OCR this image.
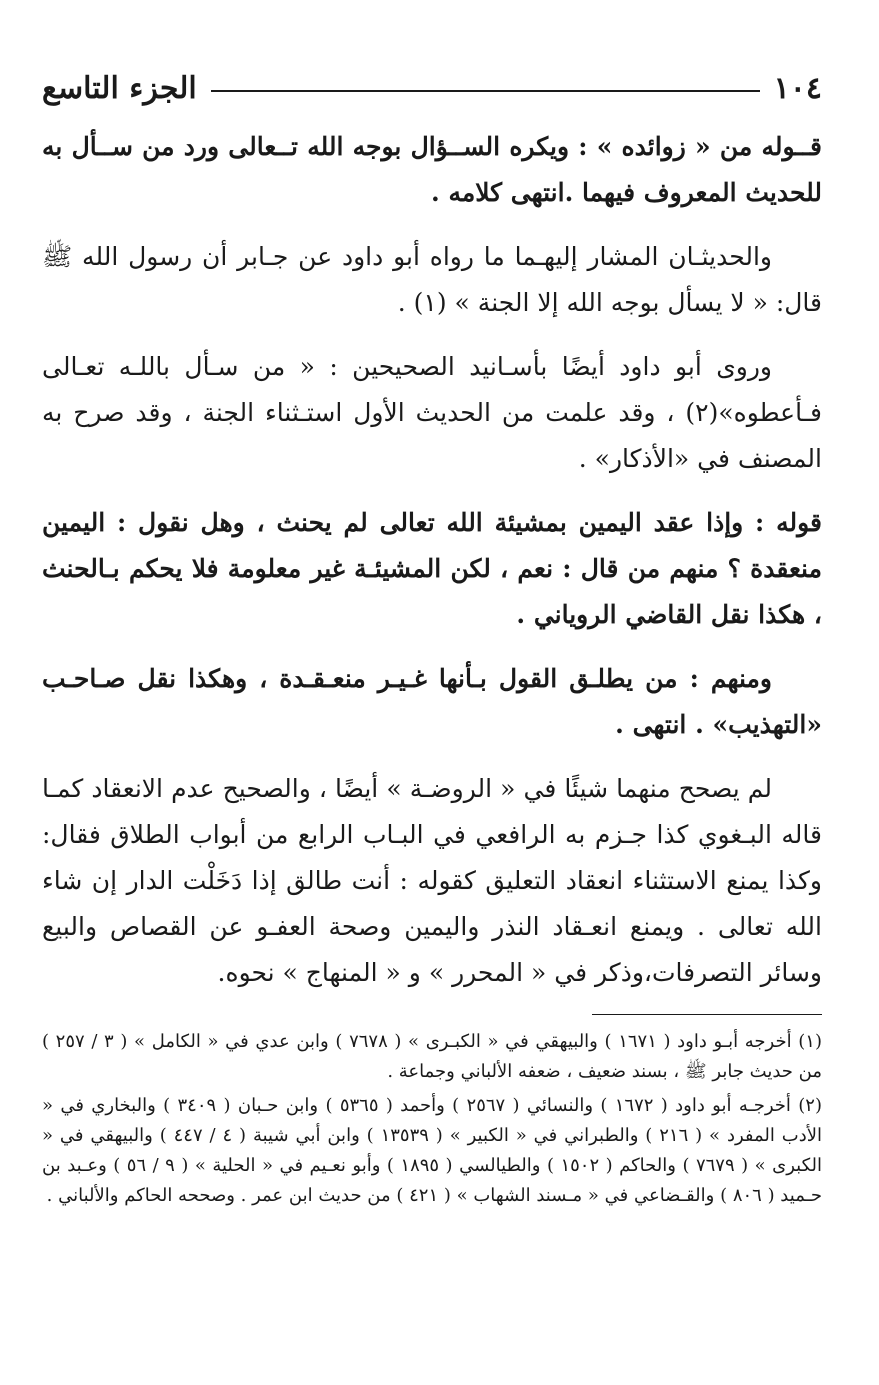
١٠٤
الجزء التاسع

قــوله من « زوائده » : ويكره الســؤال بوجه الله تــعالى ورد من ســأل به للحديث المعروف فيهما .انتهى كلامه .

والحديثـان المشار إليهـما ما رواه أبو داود عن جـابر أن رسول الله ﷺ قال: « لا يسأل بوجه الله إلا الجنة » (١) .

وروى أبو داود أيضًا بأسـانيد الصحيحين : « من سـأل باللـه تعـالى فـأعطوه»(٢) ، وقد علمت من الحديث الأول استـثناء الجنة ، وقد صرح به المصنف في «الأذكار» .

قوله : وإذا عقد اليمين بمشيئة الله تعالى لم يحنث ، وهل نقول : اليمين منعقدة ؟ منهم من قال : نعم ، لكن المشيئـة غير معلومة فلا يحكم بـالحنث ، هكذا نقل القاضي الروياني .

ومنهم : من يطلـق القول بـأنها غـيـر منعـقـدة ، وهكذا نقل صـاحـب «التهذيب» . انتهى .

لم يصحح منهما شيئًا في « الروضـة » أيضًا ، والصحيح عدم الانعقاد كمـا قاله البـغوي كذا جـزم به الرافعي في البـاب الرابع من أبواب الطلاق فقال: وكذا يمنع الاستثناء انعقاد التعليق كقوله : أنت طالق إذا دَخَلْت الدار إن شاء الله تعالى . ويمنع انعـقاد النذر واليمين وصحة العفـو عن القصاص والبيع وسائر التصرفات،وذكر في « المحرر » و « المنهاج » نحوه.

(١) أخرجه أبـو داود ( ١٦٧١ ) والبيهقي في « الكبـرى » ( ٧٦٧٨ ) وابن عدي في « الكامل » ( ٣ / ٢٥٧ ) من حديث جابر ﷺ ، بسند ضعيف ، ضعفه الألباني وجماعة .

(٢) أخرجـه أبو داود ( ١٦٧٢ ) والنسائي ( ٢٥٦٧ ) وأحمد ( ٥٣٦٥ ) وابن حـبان ( ٣٤٠٩ ) والبخاري في « الأدب المفرد » ( ٢١٦ ) والطبراني في « الكبير » ( ١٣٥٣٩ ) وابن أبي شيبة ( ٤ / ٤٤٧ ) والبيهقي في « الكبرى » ( ٧٦٧٩ ) والحاكم ( ١٥٠٢ ) والطيالسي ( ١٨٩٥ ) وأبو نعـيم في « الحلية » ( ٩ / ٥٦ ) وعـبد بن حـميد ( ٨٠٦ ) والقـضاعي في « مـسند الشهاب » ( ٤٢١ ) من حديث ابن عمر . وصححه الحاكم والألباني .
